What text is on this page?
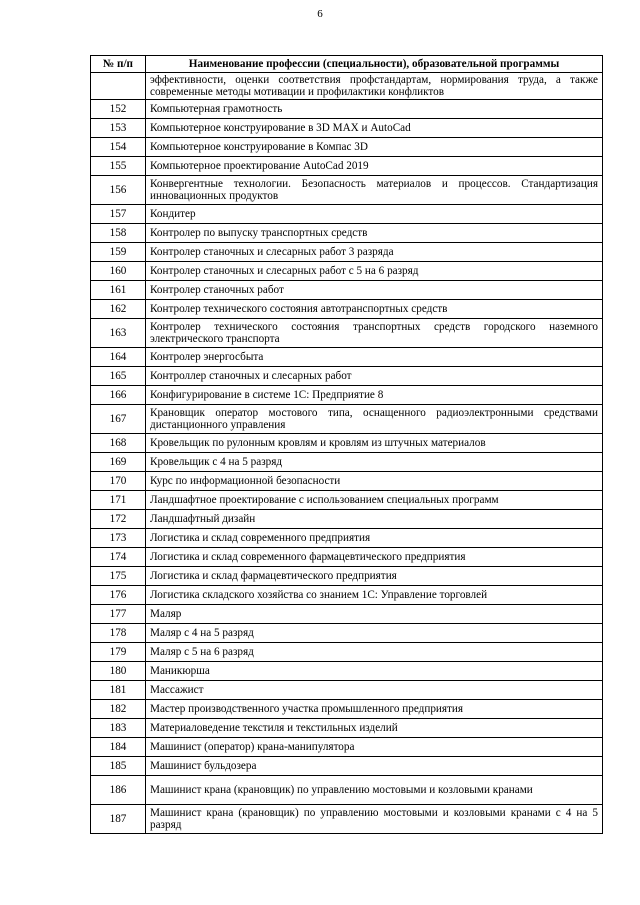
6
№ п/п	Наименование профессии (специальности), образовательной программы
	эффективности, оценки соответствия профстандартам, нормирования труда, а также современные методы мотивации и профилактики конфликтов
152	Компьютерная грамотность
153	Компьютерное конструирование в 3D MAX и AutoCad
154	Компьютерное конструирование в Компас 3D
155	Компьютерное проектирование AutoCad 2019
156	Конвергентные технологии. Безопасность материалов и процессов. Стандартизация инновационных продуктов
157	Кондитер
158	Контролер по выпуску транспортных средств
159	Контролер станочных и слесарных работ 3 разряда
160	Контролер станочных и слесарных работ с 5 на 6 разряд
161	Контролер станочных работ
162	Контролер технического состояния автотранспортных средств
163	Контролер технического состояния транспортных средств городского наземного электрического транспорта
164	Контролер энергосбыта
165	Контроллер станочных и слесарных работ
166	Конфигурирование в системе 1С: Предприятие 8
167	Крановщик оператор мостового типа, оснащенного радиоэлектронными средствами дистанционного управления
168	Кровельщик по рулонным кровлям и кровлям из штучных материалов
169	Кровельщик с 4 на 5 разряд
170	Курс по информационной безопасности
171	Ландшафтное проектирование с использованием специальных программ
172	Ландшафтный дизайн
173	Логистика и склад современного предприятия
174	Логистика и склад современного фармацевтического предприятия
175	Логистика и склад фармацевтического предприятия
176	Логистика складского хозяйства со знанием 1С: Управление торговлей
177	Маляр
178	Маляр с 4 на 5 разряд
179	Маляр с 5 на 6 разряд
180	Маникюрша
181	Массажист
182	Мастер производственного участка промышленного предприятия
183	Материаловедение текстиля и текстильных изделий
184	Машинист (оператор) крана-манипулятора
185	Машинист бульдозера
186	Машинист крана (крановщик) по управлению мостовыми и козловыми кранами
187	Машинист крана (крановщик) по управлению мостовыми и козловыми кранами с 4 на 5 разряд
